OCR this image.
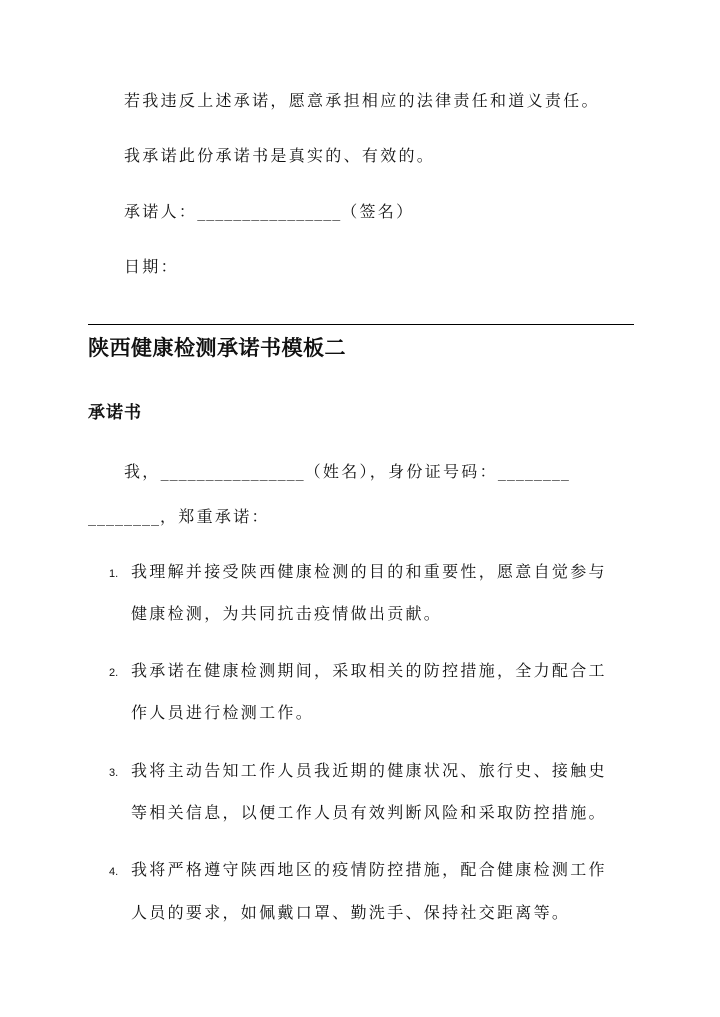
若我违反上述承诺，愿意承担相应的法律责任和道义责任。
我承诺此份承诺书是真实的、有效的。
承诺人：________________（签名）
日期：
陕西健康检测承诺书模板二
承诺书
我，________________（姓名），身份证号码：________
________，郑重承诺：
1. 我理解并接受陕西健康检测的目的和重要性，愿意自觉参与
健康检测，为共同抗击疫情做出贡献。
2. 我承诺在健康检测期间，采取相关的防控措施，全力配合工
作人员进行检测工作。
3. 我将主动告知工作人员我近期的健康状况、旅行史、接触史
等相关信息，以便工作人员有效判断风险和采取防控措施。
4. 我将严格遵守陕西地区的疫情防控措施，配合健康检测工作
人员的要求，如佩戴口罩、勤洗手、保持社交距离等。
